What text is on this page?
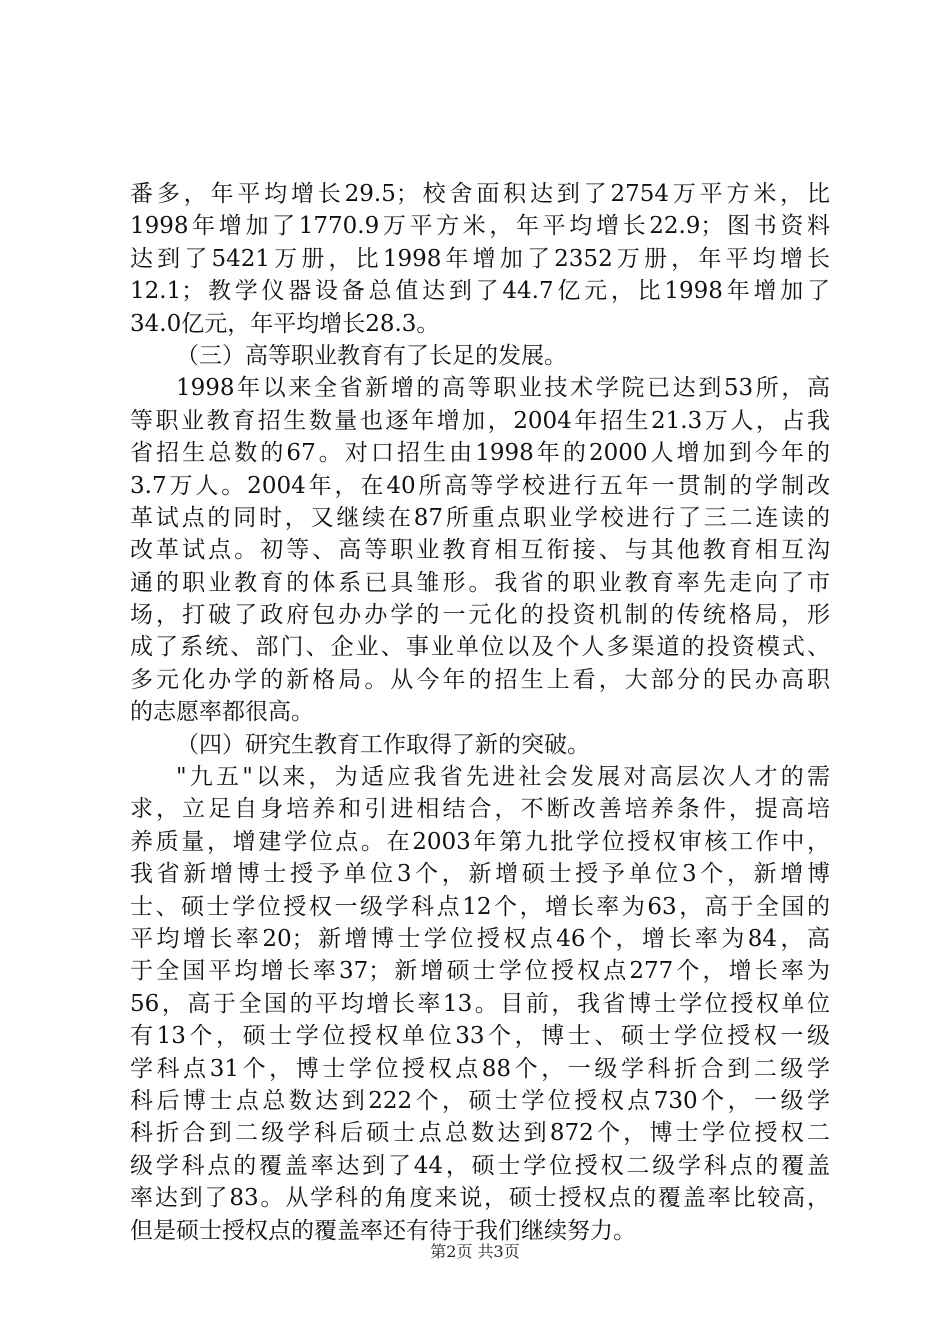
番多，年平均增长29.5；校舍面积达到了2754万平方米，比
1998年增加了1770.9万平方米，年平均增长22.9；图书资料
达到了5421万册，比1998年增加了2352万册，年平均增长
12.1；教学仪器设备总值达到了44.7亿元，比1998年增加了
34.0亿元，年平均增长28.3。
（三）高等职业教育有了长足的发展。
1998年以来全省新增的高等职业技术学院已达到53所，高
等职业教育招生数量也逐年增加，2004年招生21.3万人，占我
省招生总数的67。对口招生由1998年的2000人增加到今年的
3.7万人。2004年，在40所高等学校进行五年一贯制的学制改
革试点的同时，又继续在87所重点职业学校进行了三二连读的
改革试点。初等、高等职业教育相互衔接、与其他教育相互沟
通的职业教育的体系已具雏形。我省的职业教育率先走向了市
场，打破了政府包办办学的一元化的投资机制的传统格局，形
成了系统、部门、企业、事业单位以及个人多渠道的投资模式、
多元化办学的新格局。从今年的招生上看，大部分的民办高职
的志愿率都很高。
（四）研究生教育工作取得了新的突破。
"九五"以来，为适应我省先进社会发展对高层次人才的需
求，立足自身培养和引进相结合，不断改善培养条件，提高培
养质量，增建学位点。在2003年第九批学位授权审核工作中，
我省新增博士授予单位3个，新增硕士授予单位3个，新增博
士、硕士学位授权一级学科点12个，增长率为63，高于全国的
平均增长率20；新增博士学位授权点46个，增长率为84，高
于全国平均增长率37；新增硕士学位授权点277个，增长率为
56，高于全国的平均增长率13。目前，我省博士学位授权单位
有13个，硕士学位授权单位33个，博士、硕士学位授权一级
学科点31个，博士学位授权点88个，一级学科折合到二级学
科后博士点总数达到222个，硕士学位授权点730个，一级学
科折合到二级学科后硕士点总数达到872个，博士学位授权二
级学科点的覆盖率达到了44，硕士学位授权二级学科点的覆盖
率达到了83。从学科的角度来说，硕士授权点的覆盖率比较高，
但是硕士授权点的覆盖率还有待于我们继续努力。
第2页 共3页
